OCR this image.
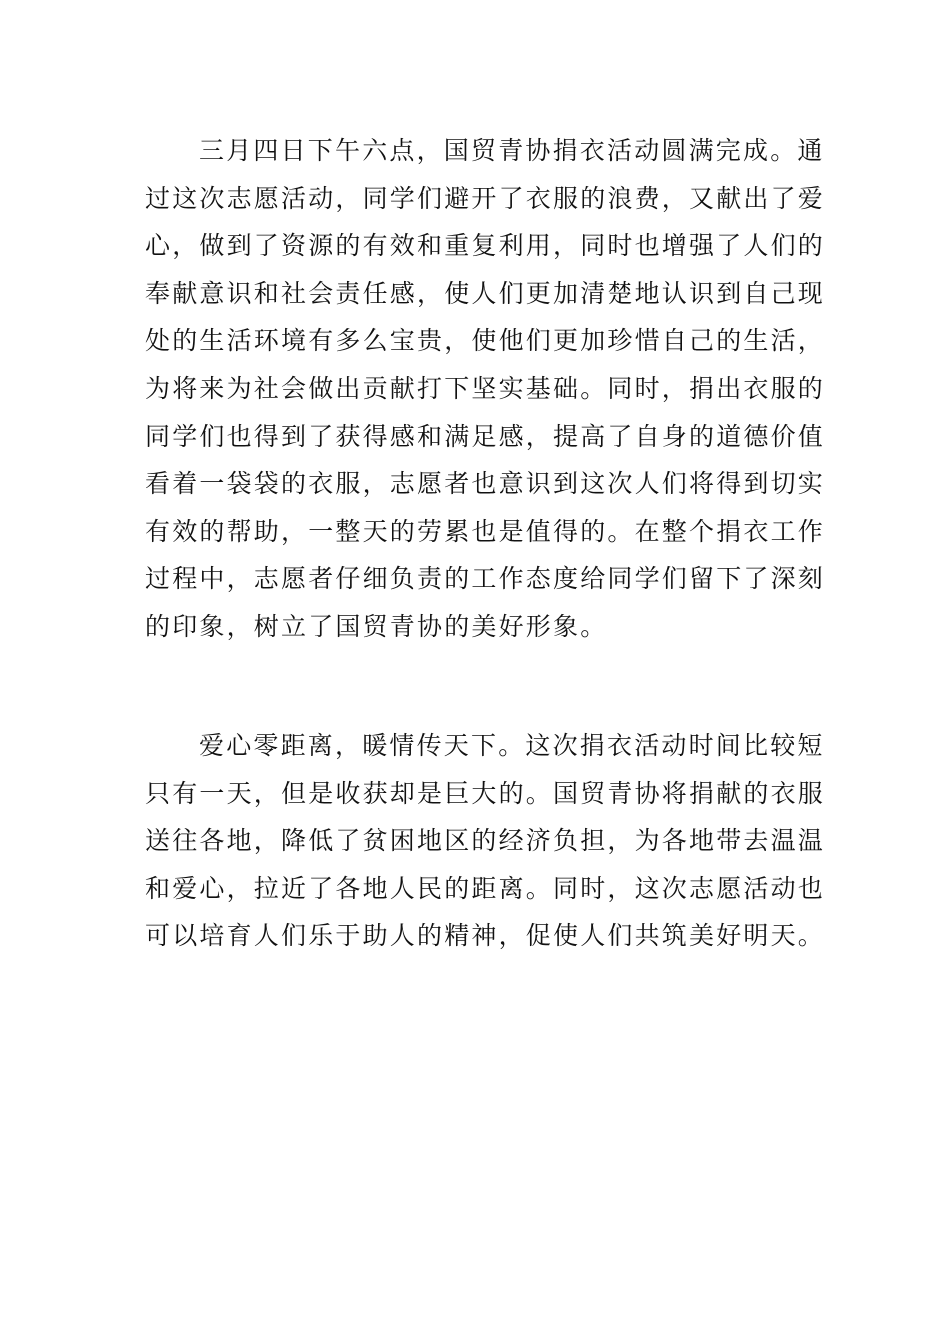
三月四日下午六点，国贸青协捐衣活动圆满完成。通
过这次志愿活动，同学们避开了衣服的浪费，又献出了爱
心，做到了资源的有效和重复利用，同时也增强了人们的
奉献意识和社会责任感，使人们更加清楚地认识到自己现
处的生活环境有多么宝贵，使他们更加珍惜自己的生活，
为将来为社会做出贡献打下坚实基础。同时，捐出衣服的
同学们也得到了获得感和满足感，提高了自身的道德价值
看着一袋袋的衣服，志愿者也意识到这次人们将得到切实
有效的帮助，一整天的劳累也是值得的。在整个捐衣工作
过程中，志愿者仔细负责的工作态度给同学们留下了深刻
的印象，树立了国贸青协的美好形象。
爱心零距离，暖情传天下。这次捐衣活动时间比较短
只有一天，但是收获却是巨大的。国贸青协将捐献的衣服
送往各地，降低了贫困地区的经济负担，为各地带去温温
和爱心，拉近了各地人民的距离。同时，这次志愿活动也
可以培育人们乐于助人的精神，促使人们共筑美好明天。
